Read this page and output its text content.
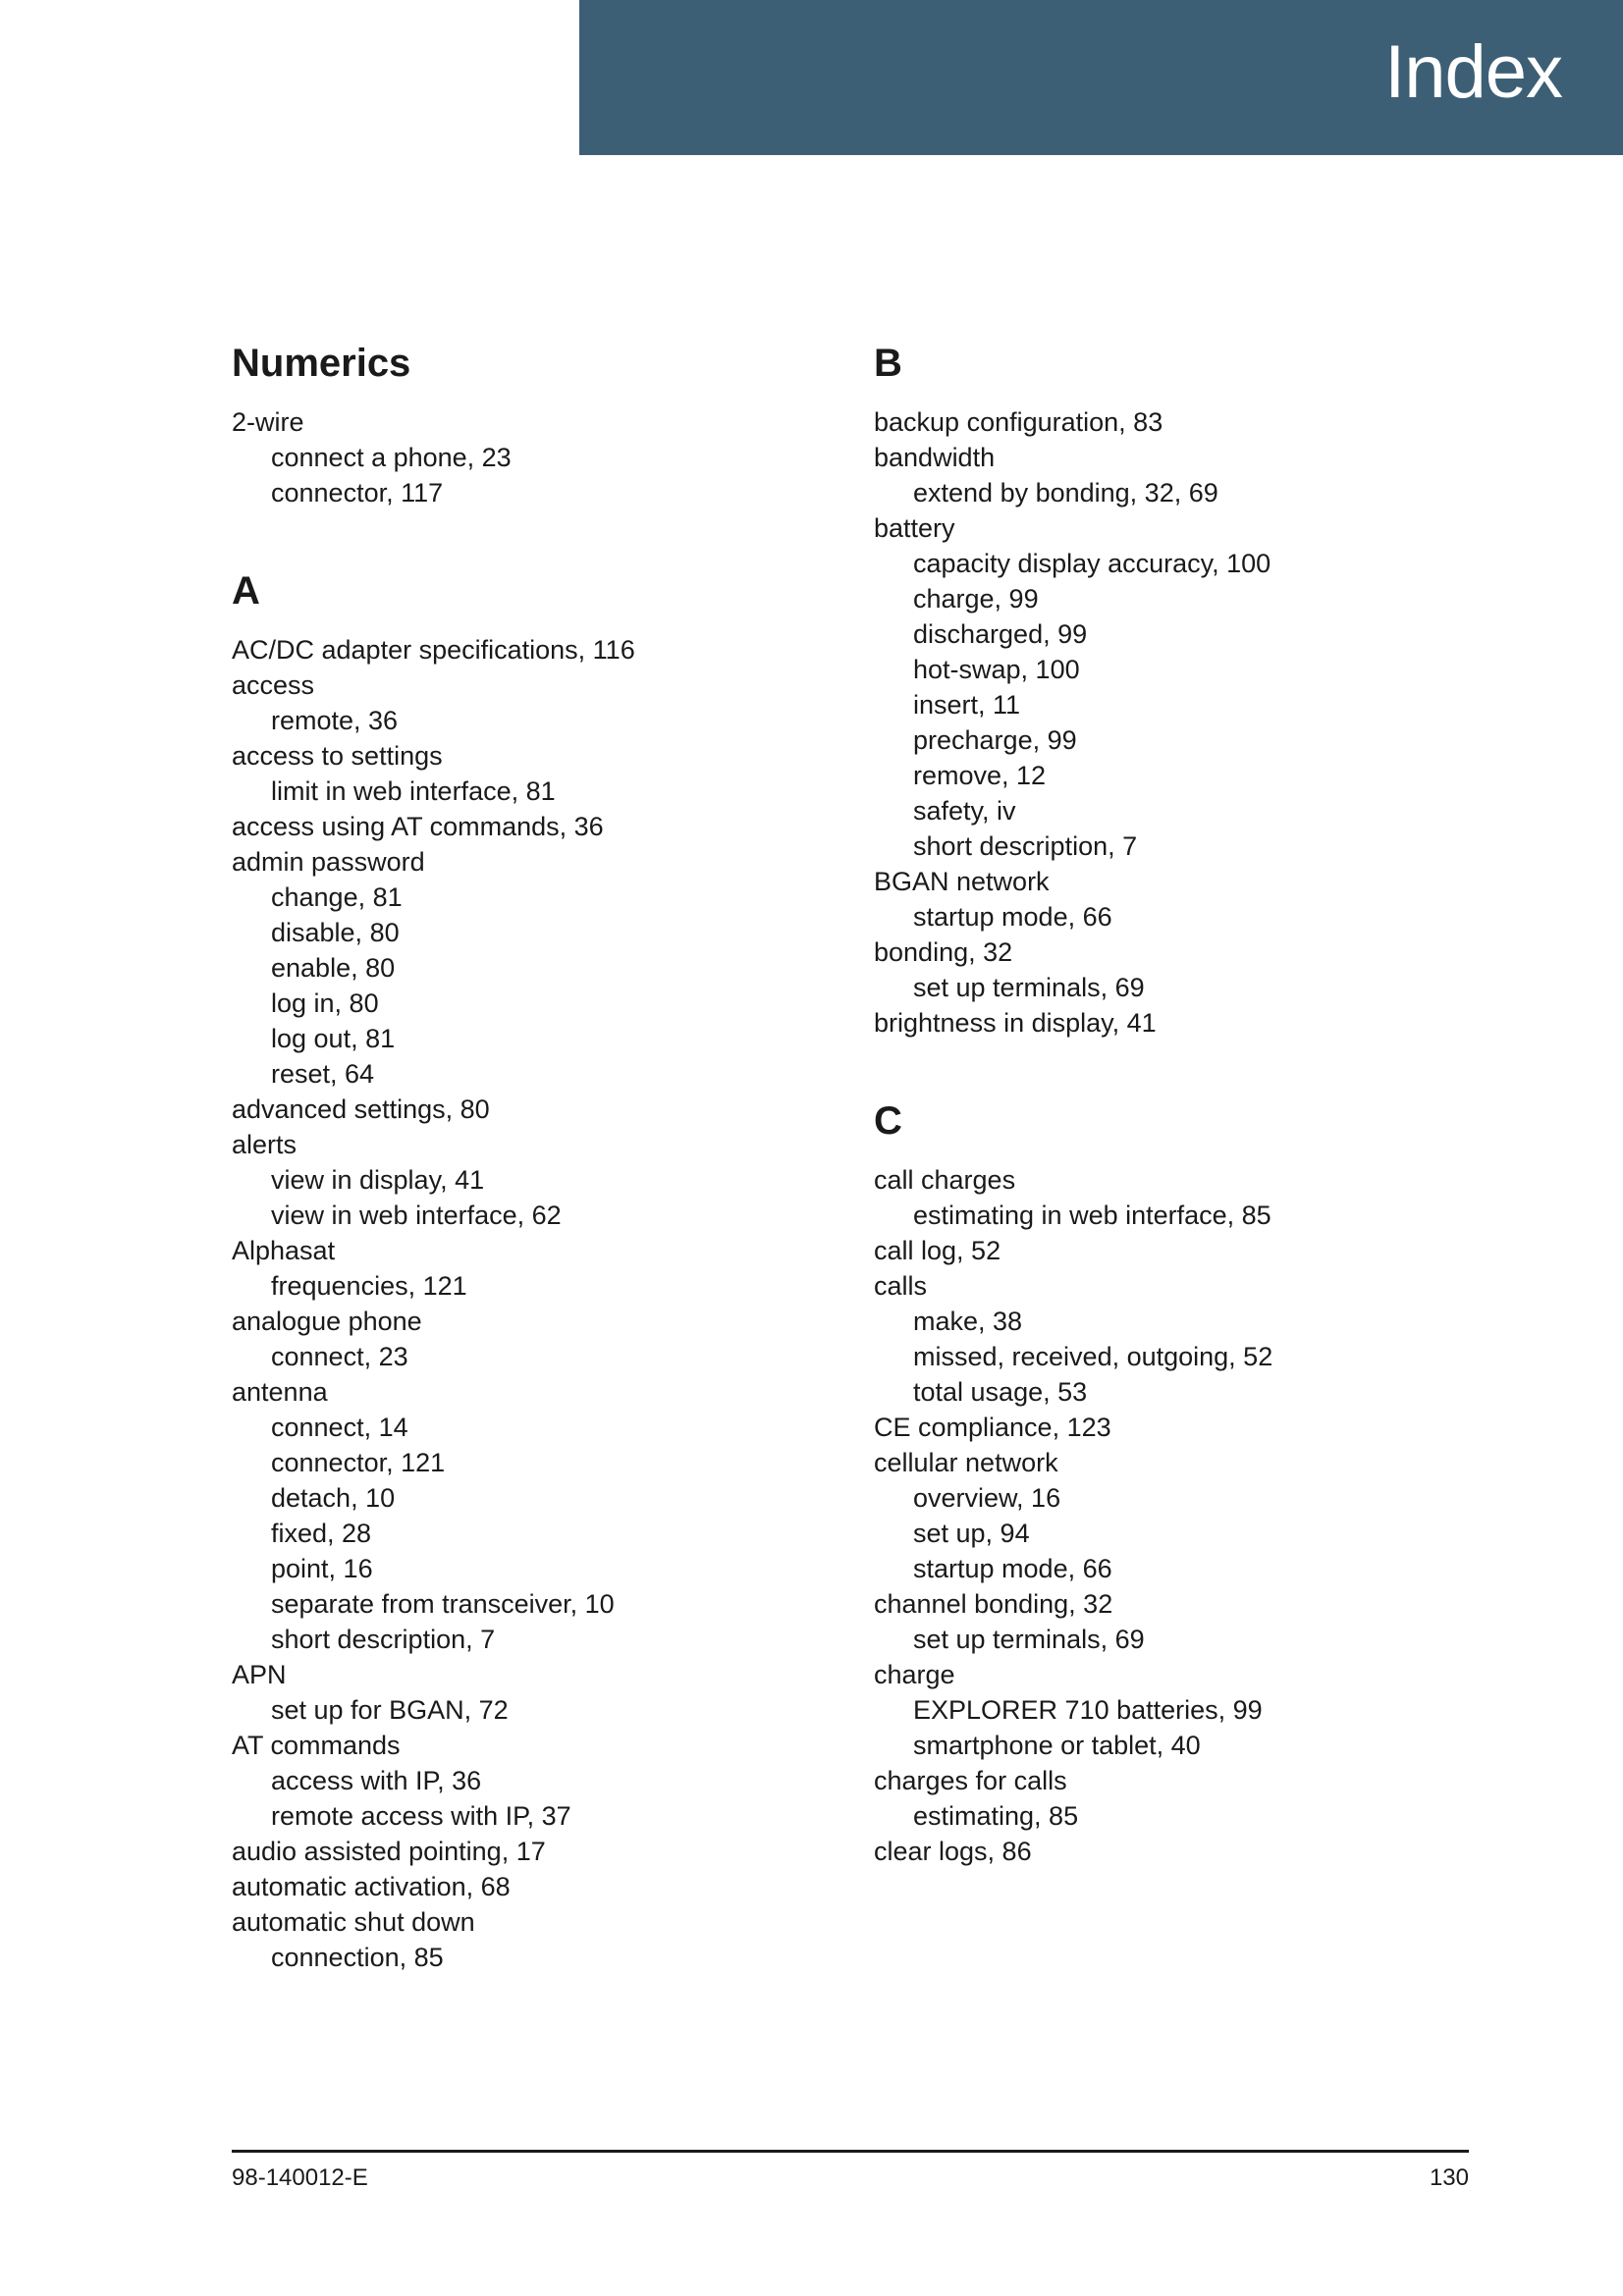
Index
Numerics
2-wire
connect a phone, 23
connector, 117
A
AC/DC adapter specifications, 116
access
remote, 36
access to settings
limit in web interface, 81
access using AT commands, 36
admin password
change, 81
disable, 80
enable, 80
log in, 80
log out, 81
reset, 64
advanced settings, 80
alerts
view in display, 41
view in web interface, 62
Alphasat
frequencies, 121
analogue phone
connect, 23
antenna
connect, 14
connector, 121
detach, 10
fixed, 28
point, 16
separate from transceiver, 10
short description, 7
APN
set up for BGAN, 72
AT commands
access with IP, 36
remote access with IP, 37
audio assisted pointing, 17
automatic activation, 68
automatic shut down
connection, 85
B
backup configuration, 83
bandwidth
extend by bonding, 32, 69
battery
capacity display accuracy, 100
charge, 99
discharged, 99
hot-swap, 100
insert, 11
precharge, 99
remove, 12
safety, iv
short description, 7
BGAN network
startup mode, 66
bonding, 32
set up terminals, 69
brightness in display, 41
C
call charges
estimating in web interface, 85
call log, 52
calls
make, 38
missed, received, outgoing, 52
total usage, 53
CE compliance, 123
cellular network
overview, 16
set up, 94
startup mode, 66
channel bonding, 32
set up terminals, 69
charge
EXPLORER 710 batteries, 99
smartphone or tablet, 40
charges for calls
estimating, 85
clear logs, 86
98-140012-E	130
